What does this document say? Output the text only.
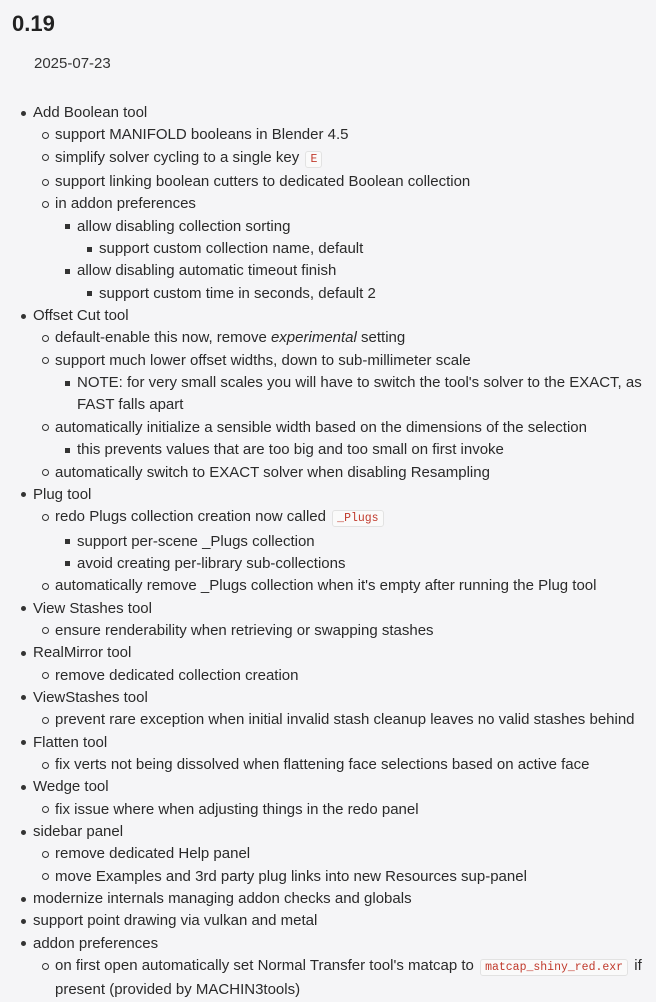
0.19
2025-07-23
Add Boolean tool
support MANIFOLD booleans in Blender 4.5
simplify solver cycling to a single key E
support linking boolean cutters to dedicated Boolean collection
in addon preferences
allow disabling collection sorting
support custom collection name, default
allow disabling automatic timeout finish
support custom time in seconds, default 2
Offset Cut tool
default-enable this now, remove experimental setting
support much lower offset widths, down to sub-millimeter scale
NOTE: for very small scales you will have to switch the tool's solver to the EXACT, as FAST falls apart
automatically initialize a sensible width based on the dimensions of the selection
this prevents values that are too big and too small on first invoke
automatically switch to EXACT solver when disabling Resampling
Plug tool
redo Plugs collection creation now called _Plugs
support per-scene _Plugs collection
avoid creating per-library sub-collections
automatically remove _Plugs collection when it's empty after running the Plug tool
View Stashes tool
ensure renderability when retrieving or swapping stashes
RealMirror tool
remove dedicated collection creation
ViewStashes tool
prevent rare exception when initial invalid stash cleanup leaves no valid stashes behind
Flatten tool
fix verts not being dissolved when flattening face selections based on active face
Wedge tool
fix issue where when adjusting things in the redo panel
sidebar panel
remove dedicated Help panel
move Examples and 3rd party plug links into new Resources sup-panel
modernize internals managing addon checks and globals
support point drawing via vulkan and metal
addon preferences
on first open automatically set Normal Transfer tool's matcap to matcap_shiny_red.exr if present (provided by MACHIN3tools)
